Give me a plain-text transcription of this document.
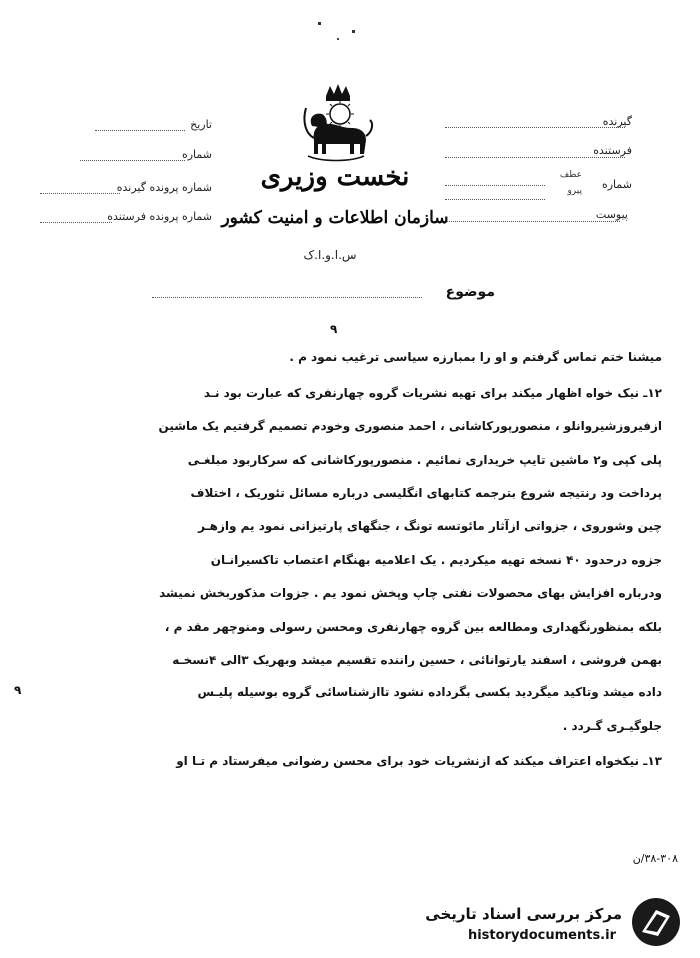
تاریخ
شماره
شماره پرونده گیرنده
شماره پرونده فرستنده
گیرنده
فرستنده
شماره
عطف
پیرو
پیوست
نخست وزیری
سازمان اطلاعات و امنیت کشور
س.ا.و.ا.ک
موضوع
۹
میشنا ختم تماس گرفتم و او را بمبارزه سیاسی ترغیب نمود م .
۱۲ـ نیک خواه اظهار میکند برای تهیه نشریات گروه چهارنفری که عبارت بود نـد
ازفیروزشیروانلو ، منصورپورکاشانی ، احمد منصوری وخودم تصمیم گرفتیم یک ماشین
پلی کپی و۲ ماشین تایپ خریداری نمائیم . منصورپورکاشانی که سرکاربود مبلغـی
پرداخت ود رنتیجه شروع بترجمه کتابهای انگلیسی درباره مسائل تئوریک ، اختلاف
چین وشوروی ، جزواتی ازآثار مائوتسه تونگ ، جنگهای پارتیزانی نمود یم وازهـر
جزوه درحدود ۴۰ نسخه تهیه میکردیم . یک اعلامیه بهنگام اعتصاب تاکسیرانـان
ودرباره افزایش بهای محصولات نفتی چاپ وپخش نمود یم . جزوات مذکوربخش نمیشد
بلکه بمنظورنگهداری ومطالعه بین گروه چهارنفری ومحسن رسولی ومنوچهر مقد م ،
بهمن فروشی ، اسفند یارتوانائی ، حسین راننده تقسیم میشد وبهریک ۳الی ۴نسخـه
داده میشد وتاکید میگردید بکسی بگرداده نشود تاازشناسائی گروه بوسیله پلیـس
جلوگیـری گـردد .
۱۳ـ نیکخواه اعتراف میکند که ازنشریات خود برای محسن رضوانی میفرستاد م تـا او
٩
۳۸-۳۰۸/ن
مرکز بررسی اسناد تاریخی
historydocuments.ir
